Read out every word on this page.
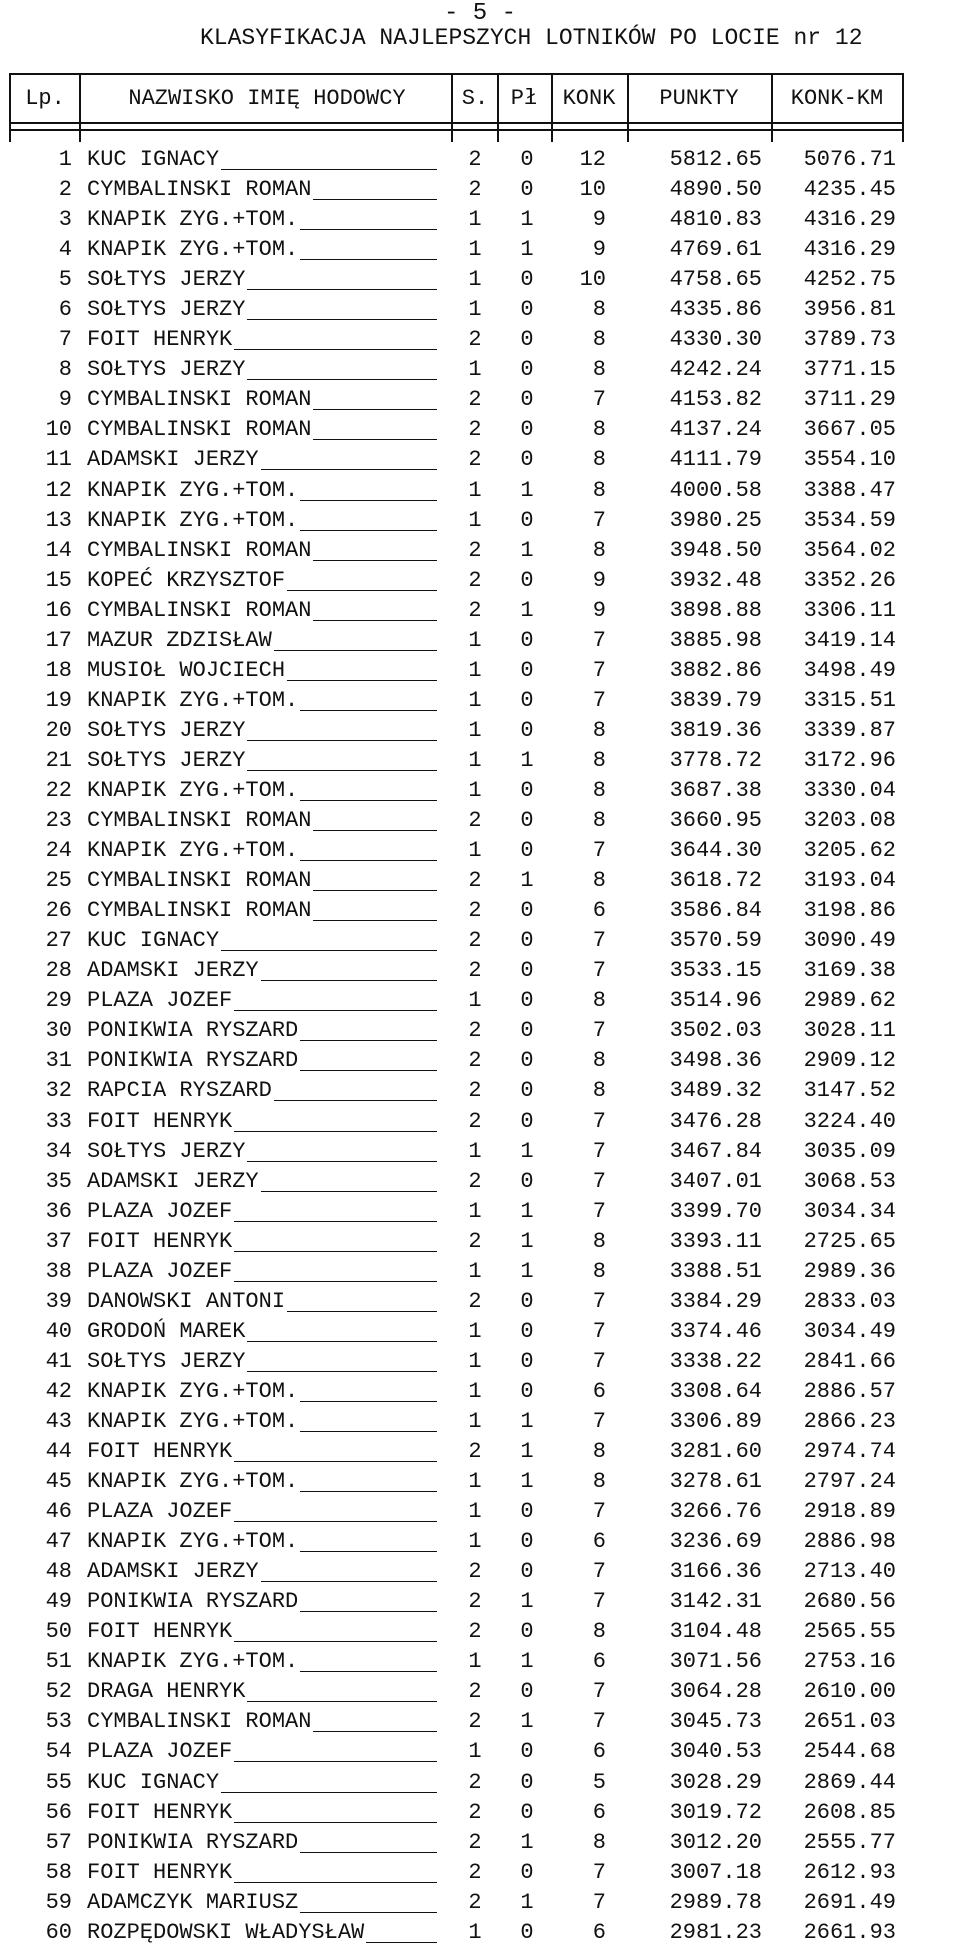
- 5 -
KLASYFIKACJA NAJLEPSZYCH LOTNIKÓW PO LOCIE nr 12
Lp.	NAZWISKO IMIĘ HODOWCY	S.	Pł	KONK	PUNKTY	KONK-KM
1 KUC IGNACY	2	0	12	5812.65	5076.71
2 CYMBALINSKI ROMAN	2	0	10	4890.50	4235.45
3 KNAPIK ZYG.+TOM.	1	1	9	4810.83	4316.29
4 KNAPIK ZYG.+TOM.	1	1	9	4769.61	4316.29
5 SOŁTYS JERZY	1	0	10	4758.65	4252.75
6 SOŁTYS JERZY	1	0	8	4335.86	3956.81
7 FOIT HENRYK	2	0	8	4330.30	3789.73
8 SOŁTYS JERZY	1	0	8	4242.24	3771.15
9 CYMBALINSKI ROMAN	2	0	7	4153.82	3711.29
10 CYMBALINSKI ROMAN	2	0	8	4137.24	3667.05
11 ADAMSKI JERZY	2	0	8	4111.79	3554.10
12 KNAPIK ZYG.+TOM.	1	1	8	4000.58	3388.47
13 KNAPIK ZYG.+TOM.	1	0	7	3980.25	3534.59
14 CYMBALINSKI ROMAN	2	1	8	3948.50	3564.02
15 KOPEĆ KRZYSZTOF	2	0	9	3932.48	3352.26
16 CYMBALINSKI ROMAN	2	1	9	3898.88	3306.11
17 MAZUR ZDZISŁAW	1	0	7	3885.98	3419.14
18 MUSIOŁ WOJCIECH	1	0	7	3882.86	3498.49
19 KNAPIK ZYG.+TOM.	1	0	7	3839.79	3315.51
20 SOŁTYS JERZY	1	0	8	3819.36	3339.87
21 SOŁTYS JERZY	1	1	8	3778.72	3172.96
22 KNAPIK ZYG.+TOM.	1	0	8	3687.38	3330.04
23 CYMBALINSKI ROMAN	2	0	8	3660.95	3203.08
24 KNAPIK ZYG.+TOM.	1	0	7	3644.30	3205.62
25 CYMBALINSKI ROMAN	2	1	8	3618.72	3193.04
26 CYMBALINSKI ROMAN	2	0	6	3586.84	3198.86
27 KUC IGNACY	2	0	7	3570.59	3090.49
28 ADAMSKI JERZY	2	0	7	3533.15	3169.38
29 PLAZA JOZEF	1	0	8	3514.96	2989.62
30 PONIKWIA RYSZARD	2	0	7	3502.03	3028.11
31 PONIKWIA RYSZARD	2	0	8	3498.36	2909.12
32 RAPCIA RYSZARD	2	0	8	3489.32	3147.52
33 FOIT HENRYK	2	0	7	3476.28	3224.40
34 SOŁTYS JERZY	1	1	7	3467.84	3035.09
35 ADAMSKI JERZY	2	0	7	3407.01	3068.53
36 PLAZA JOZEF	1	1	7	3399.70	3034.34
37 FOIT HENRYK	2	1	8	3393.11	2725.65
38 PLAZA JOZEF	1	1	8	3388.51	2989.36
39 DANOWSKI ANTONI	2	0	7	3384.29	2833.03
40 GRODOŃ MAREK	1	0	7	3374.46	3034.49
41 SOŁTYS JERZY	1	0	7	3338.22	2841.66
42 KNAPIK ZYG.+TOM.	1	0	6	3308.64	2886.57
43 KNAPIK ZYG.+TOM.	1	1	7	3306.89	2866.23
44 FOIT HENRYK	2	1	8	3281.60	2974.74
45 KNAPIK ZYG.+TOM.	1	1	8	3278.61	2797.24
46 PLAZA JOZEF	1	0	7	3266.76	2918.89
47 KNAPIK ZYG.+TOM.	1	0	6	3236.69	2886.98
48 ADAMSKI JERZY	2	0	7	3166.36	2713.40
49 PONIKWIA RYSZARD	2	1	7	3142.31	2680.56
50 FOIT HENRYK	2	0	8	3104.48	2565.55
51 KNAPIK ZYG.+TOM.	1	1	6	3071.56	2753.16
52 DRAGA HENRYK	2	0	7	3064.28	2610.00
53 CYMBALINSKI ROMAN	2	1	7	3045.73	2651.03
54 PLAZA JOZEF	1	0	6	3040.53	2544.68
55 KUC IGNACY	2	0	5	3028.29	2869.44
56 FOIT HENRYK	2	0	6	3019.72	2608.85
57 PONIKWIA RYSZARD	2	1	8	3012.20	2555.77
58 FOIT HENRYK	2	0	7	3007.18	2612.93
59 ADAMCZYK MARIUSZ	2	1	7	2989.78	2691.49
60 ROZPĘDOWSKI WŁADYSŁAW	1	0	6	2981.23	2661.93
